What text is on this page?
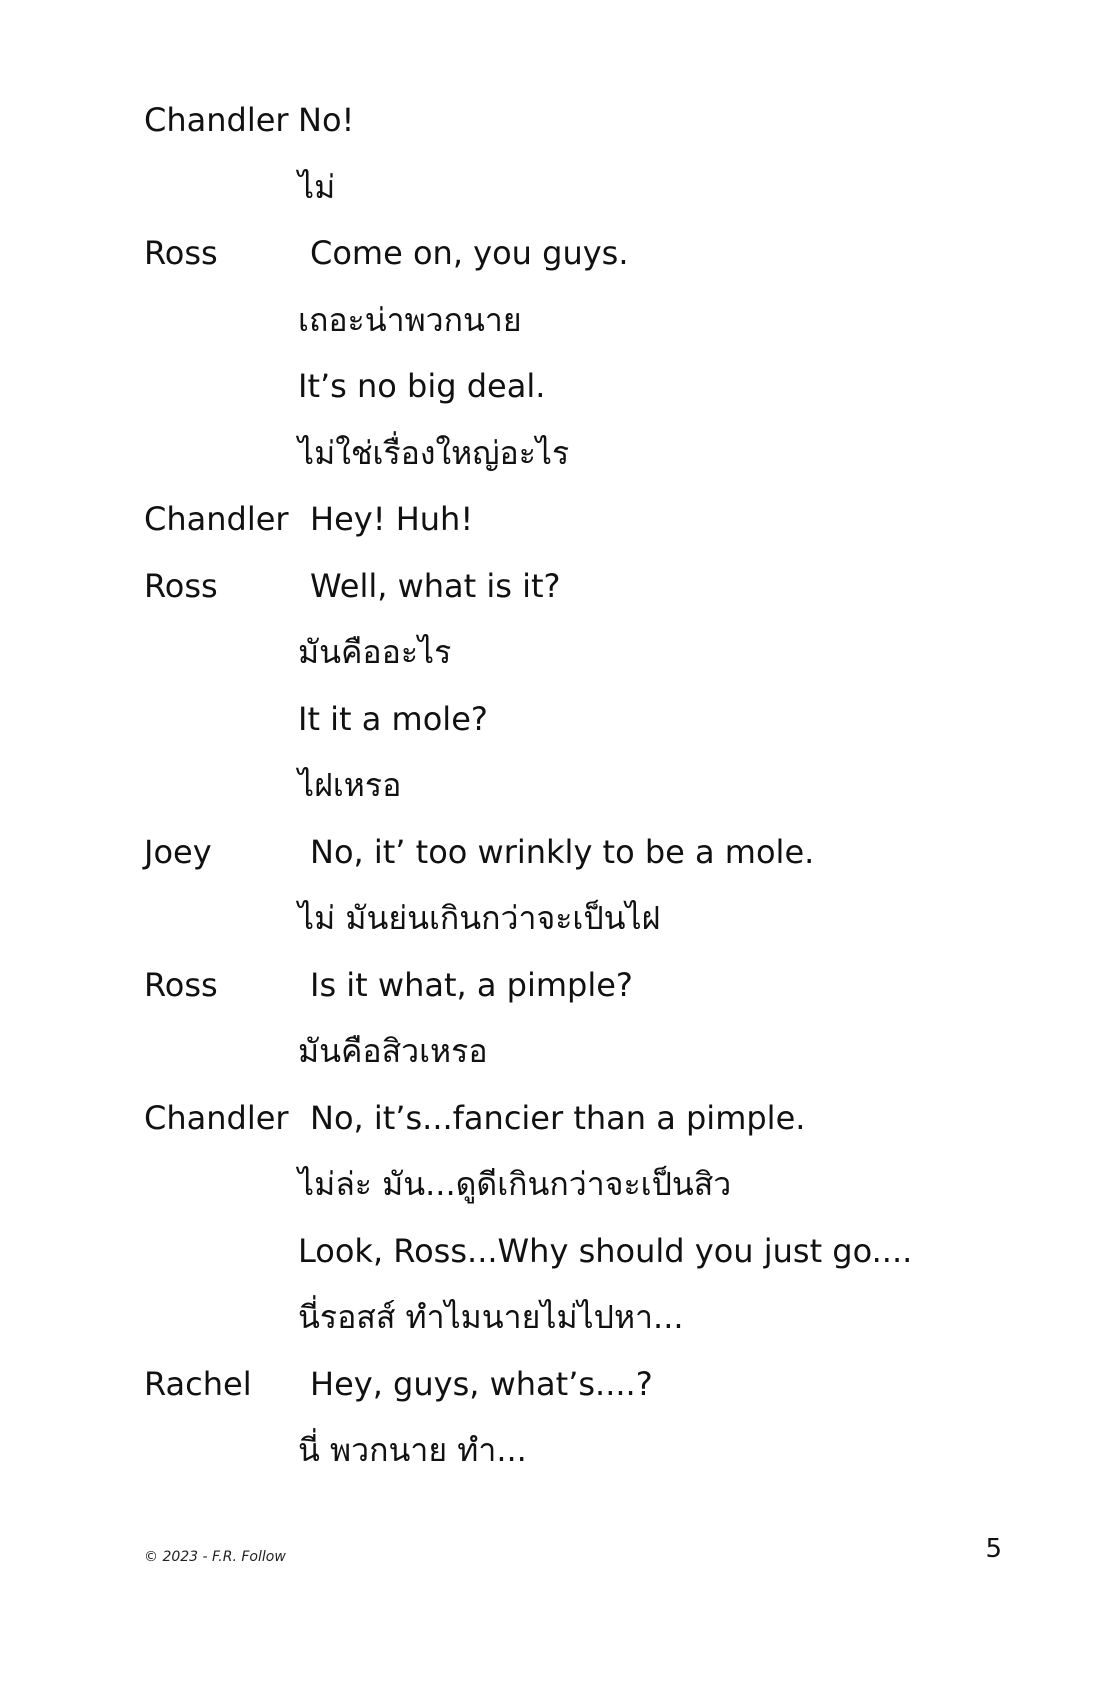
Chandler No!
ไม่
Ross	Come on, you guys.
เถอะน่าพวกนาย
It’s no big deal.
ไม่ใช่เรื่องใหญ่อะไร
Chandler Hey! Huh!
Ross	Well, what is it?
มันคืออะไร
It it a mole?
ไฝเหรอ
Joey	No, it’ too wrinkly to be a mole.
ไม่ มันย่นเกินกว่าจะเป็นไฝ
Ross	Is it what, a pimple?
มันคือสิวเหรอ
Chandler No, it’s...fancier than a pimple.
ไม่ล่ะ มัน...ดูดีเกินกว่าจะเป็นสิว
Look, Ross...Why should you just go....
นี่รอสส์ ทำไมนายไม่ไปหา...
Rachel Hey, guys, what’s....?
นี่ พวกนาย ทำ...
© 2023 - F.R. Follow	5
